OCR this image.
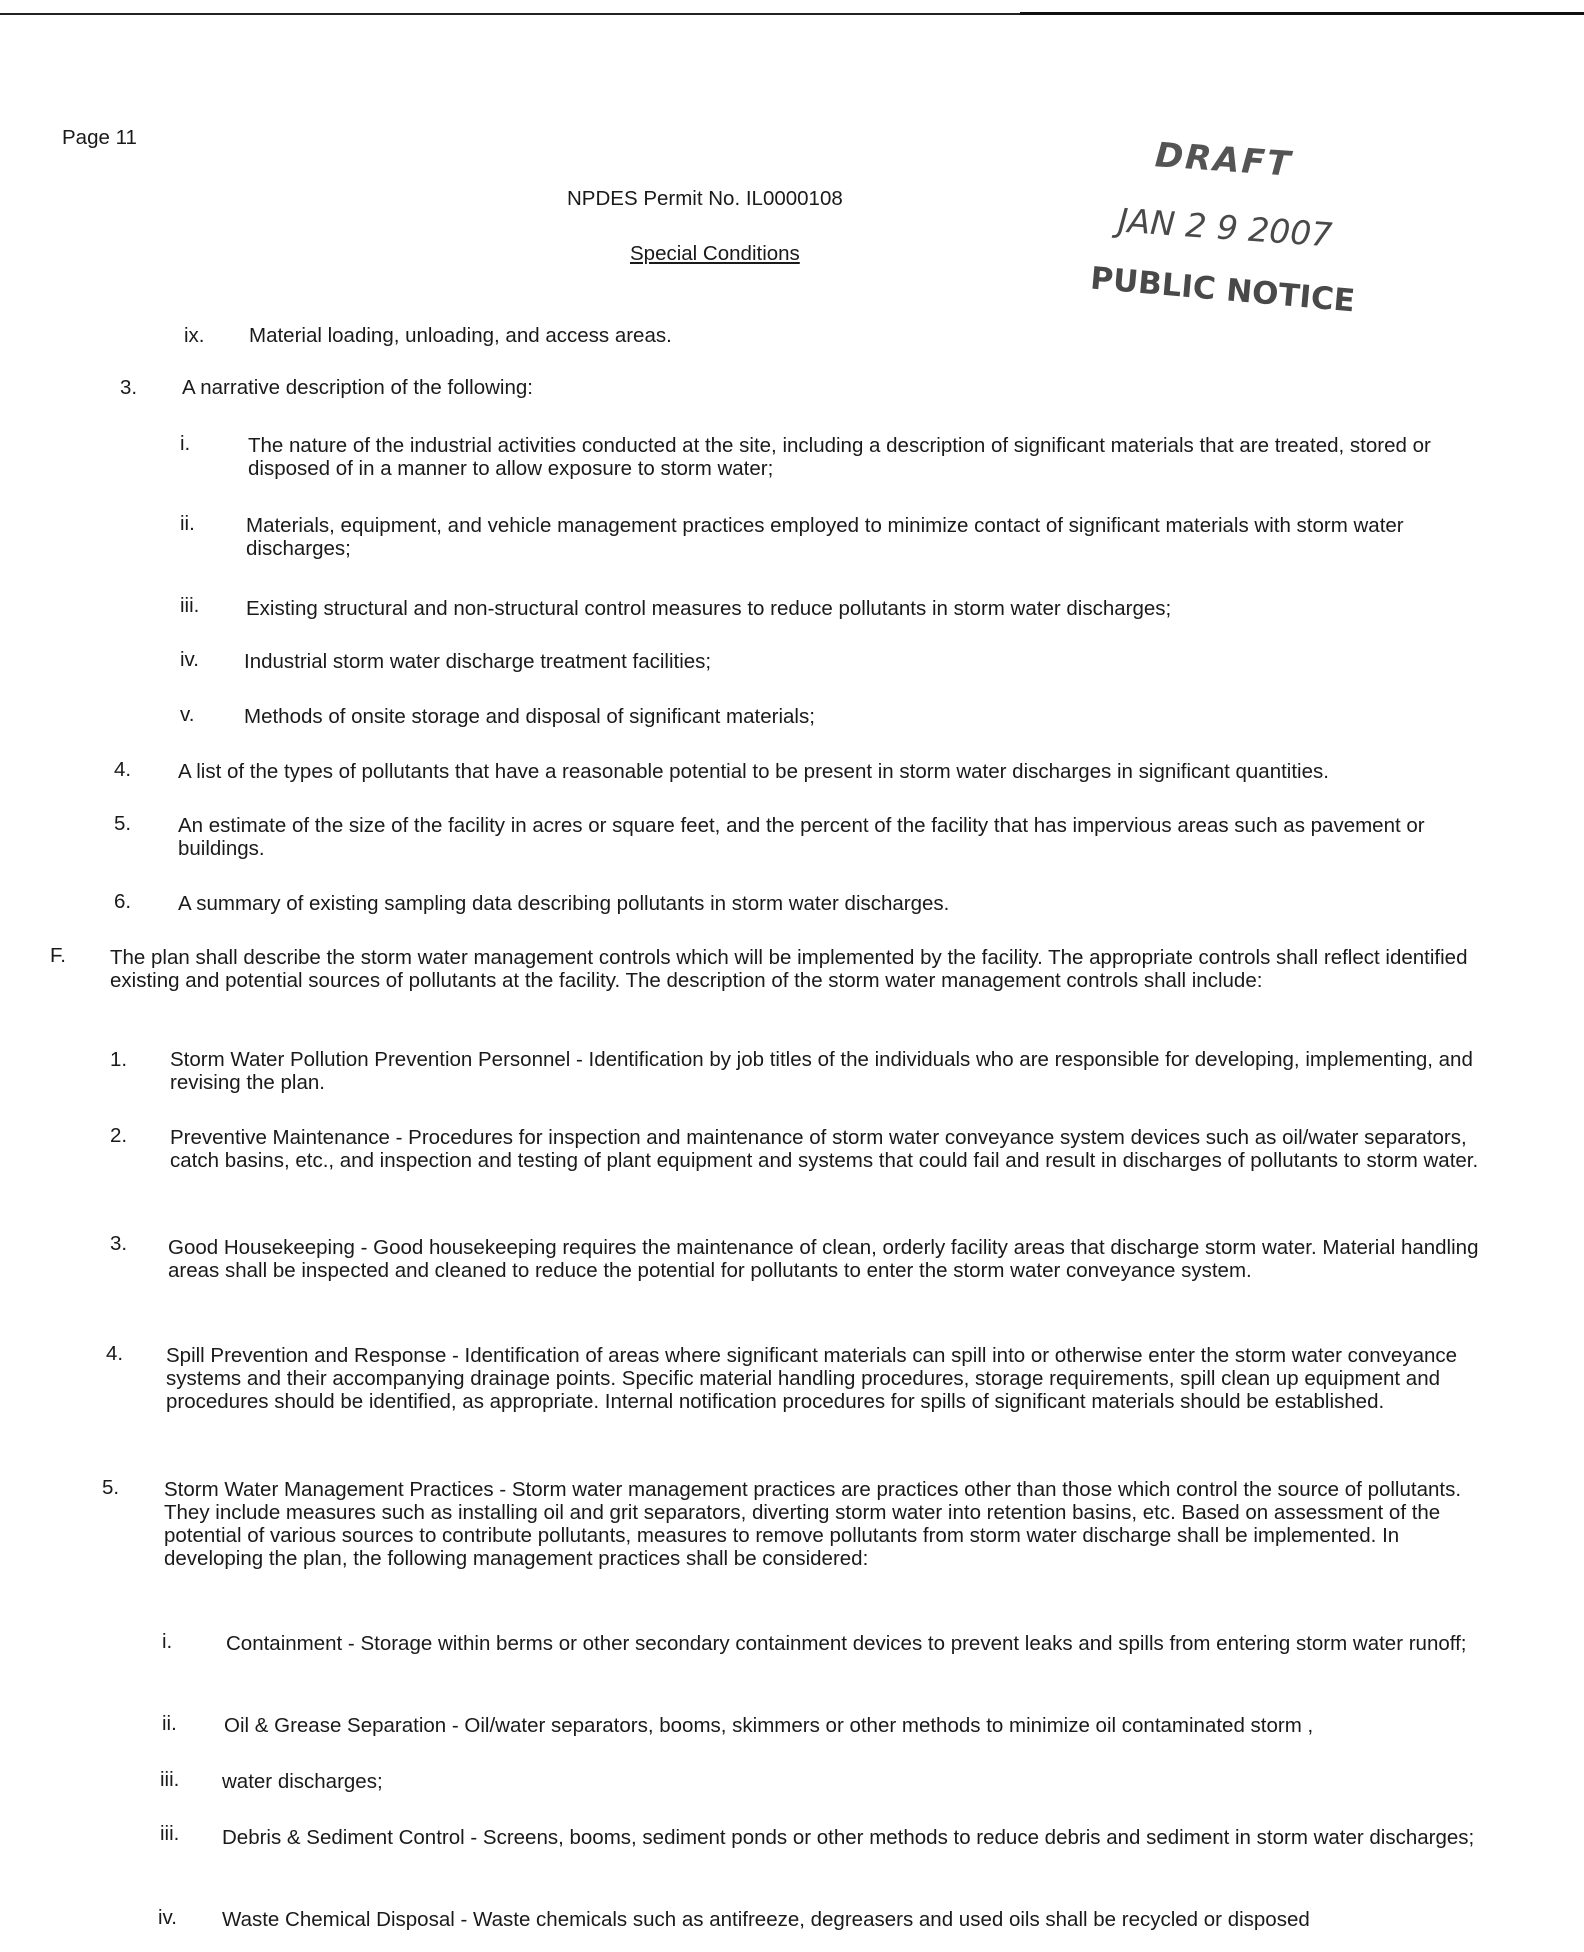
Page 11
NPDES Permit No. IL0000108
Special Conditions
DRAFT
JAN 2 9 2007
PUBLIC NOTICE
ix. Material loading, unloading, and access areas.
3. A narrative description of the following:
i.	The nature of the industrial activities conducted at the site, including a description of significant materials that are treated, stored or disposed of in a manner to allow exposure to storm water;
ii. Materials, equipment, and vehicle management practices employed to minimize contact of significant materials with storm water discharges;
iii. Existing structural and non-structural control measures to reduce pollutants in storm water discharges;
iv. Industrial storm water discharge treatment facilities;
v. Methods of onsite storage and disposal of significant materials;
4. A list of the types of pollutants that have a reasonable potential to be present in storm water discharges in significant quantities.
5. An estimate of the size of the facility in acres or square feet, and the percent of the facility that has impervious areas such as pavement or buildings.
6. A summary of existing sampling data describing pollutants in storm water discharges.
F. The plan shall describe the storm water management controls which will be implemented by the facility. The appropriate controls shall reflect identified existing and potential sources of pollutants at the facility. The description of the storm water management controls shall include:
1. Storm Water Pollution Prevention Personnel - Identification by job titles of the individuals who are responsible for developing, implementing, and revising the plan.
2. Preventive Maintenance - Procedures for inspection and maintenance of storm water conveyance system devices such as oil/water separators, catch basins, etc., and inspection and testing of plant equipment and systems that could fail and result in discharges of pollutants to storm water.
3. Good Housekeeping - Good housekeeping requires the maintenance of clean, orderly facility areas that discharge storm water. Material handling areas shall be inspected and cleaned to reduce the potential for pollutants to enter the storm water conveyance system.
4. Spill Prevention and Response - Identification of areas where significant materials can spill into or otherwise enter the storm water conveyance systems and their accompanying drainage points. Specific material handling procedures, storage requirements, spill clean up equipment and procedures should be identified, as appropriate. Internal notification procedures for spills of significant materials should be established.
5. Storm Water Management Practices - Storm water management practices are practices other than those which control the source of pollutants. They include measures such as installing oil and grit separators, diverting storm water into retention basins, etc. Based on assessment of the potential of various sources to contribute pollutants, measures to remove pollutants from storm water discharge shall be implemented. In developing the plan, the following management practices shall be considered:
i.	Containment - Storage within berms or other secondary containment devices to prevent leaks and spills from entering storm water runoff;
ii. Oil & Grease Separation - Oil/water separators, booms, skimmers or other methods to minimize oil contaminated storm ,
iii. water discharges;
iii. Debris & Sediment Control - Screens, booms, sediment ponds or other methods to reduce debris and sediment in storm water discharges;
iv. Waste Chemical Disposal - Waste chemicals such as antifreeze, degreasers and used oils shall be recycled or disposed
